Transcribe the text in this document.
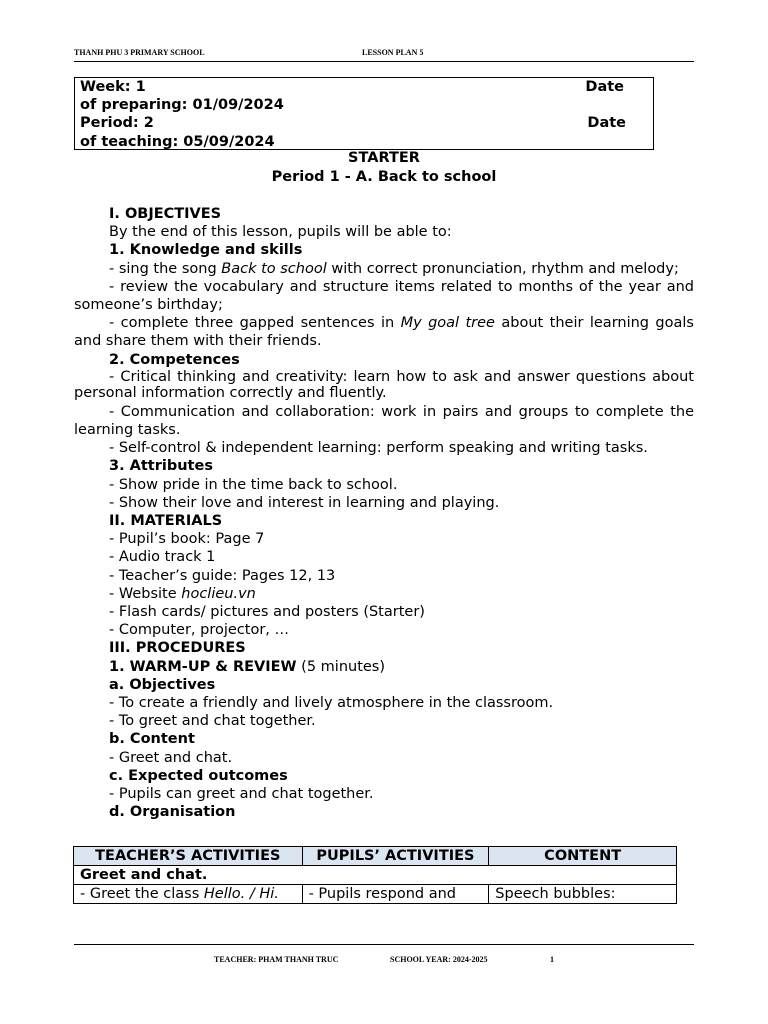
THANH PHU 3 PRIMARY SCHOOL	LESSON PLAN 5
Week: 1	Date
of preparing: 01/09/2024
Period: 2	Date
of teaching: 05/09/2024
STARTER
Period 1 - A. Back to school

I. OBJECTIVES

By the end of this lesson, pupils will be able to:

1. Knowledge and skills

- sing the song Back to school with correct pronunciation, rhythm and melody;

- review the vocabulary and structure items related to months of the year and someone’s birthday;

- complete three gapped sentences in My goal tree about their learning goals and share them with their friends.

2. Competences

- Critical thinking and creativity: learn how to ask and answer questions about personal information correctly and fluently.

- Communication and collaboration: work in pairs and groups to complete the learning tasks.

- Self-control & independent learning: perform speaking and writing tasks.

3. Attributes

- Show pride in the time back to school.

- Show their love and interest in learning and playing.

II. MATERIALS

- Pupil’s book: Page 7

- Audio track 1

- Teacher’s guide: Pages 12, 13

- Website hoclieu.vn

- Flash cards/ pictures and posters (Starter)

- Computer, projector, …

III. PROCEDURES

1. WARM-UP & REVIEW (5 minutes)

a. Objectives

- To create a friendly and lively atmosphere in the classroom.

- To greet and chat together.

b. Content

- Greet and chat.

c. Expected outcomes

- Pupils can greet and chat together.

d. Organisation

TEACHER’S ACTIVITIES	PUPILS’ ACTIVITIES	CONTENT
Greet and chat.		
- Greet the class Hello. / Hi.	- Pupils respond and	Speech bubbles:
TEACHER: PHAM THANH TRUC	SCHOOL YEAR: 2024-2025	1
